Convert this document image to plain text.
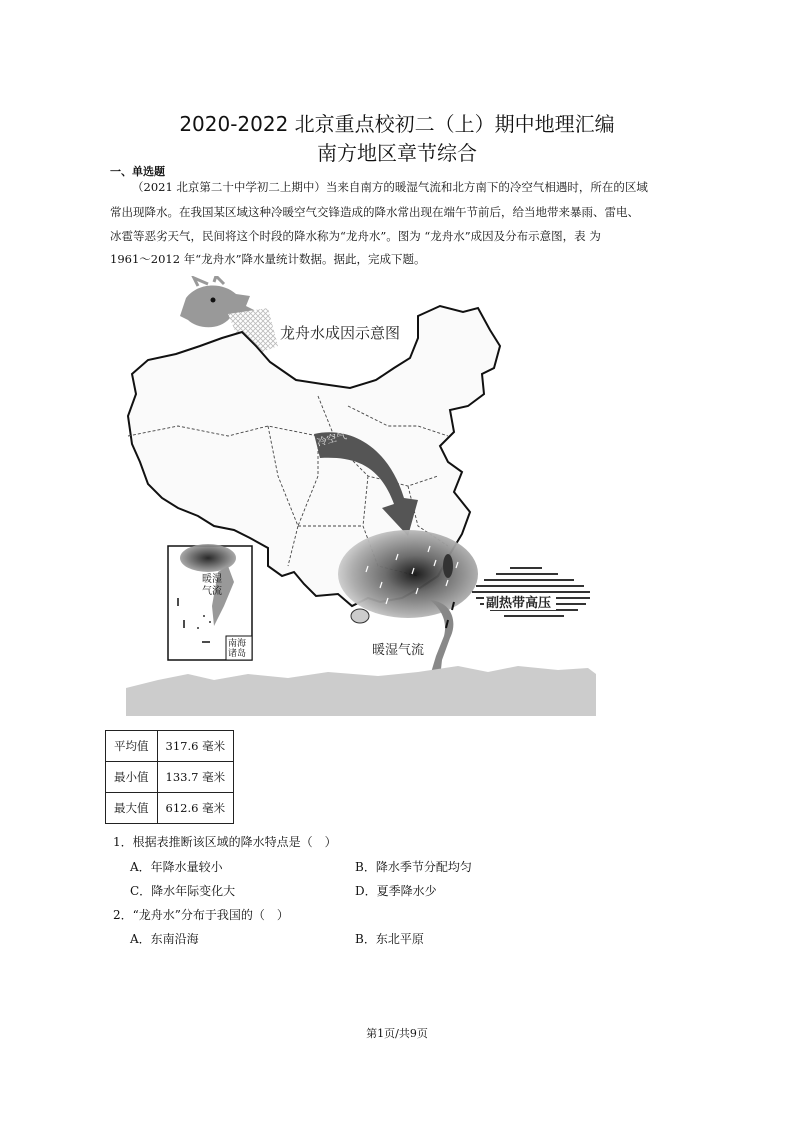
2020-2022 北京重点校初二（上）期中地理汇编
南方地区章节综合
一、单选题
（2021 北京第二十中学初二上期中）当来自南方的暖湿气流和北方南下的冷空气相遇时，所在的区域
常出现降水。在我国某区域这种冷暖空气交锋造成的降水常出现在端午节前后，给当地带来暴雨、雷电、
冰雹等恶劣天气，民间将这个时段的降水称为“龙舟水”。图为 “龙舟水”成因及分布示意图，表 为
1961～2012 年“龙舟水”降水量统计数据。据此，完成下题。
龙舟水成因示意图
冷空气
暖湿气流
副热带高压
暖湿
气流
南海
诸岛
平均值	317.6 毫米
最小值	133.7 毫米
最大值	612.6 毫米
1．根据表推断该区域的降水特点是（　）
A．年降水量较小	B．降水季节分配均匀
C．降水年际变化大	D．夏季降水少
2．“龙舟水”分布于我国的（　）
A．东南沿海	B．东北平原
第1页/共9页
